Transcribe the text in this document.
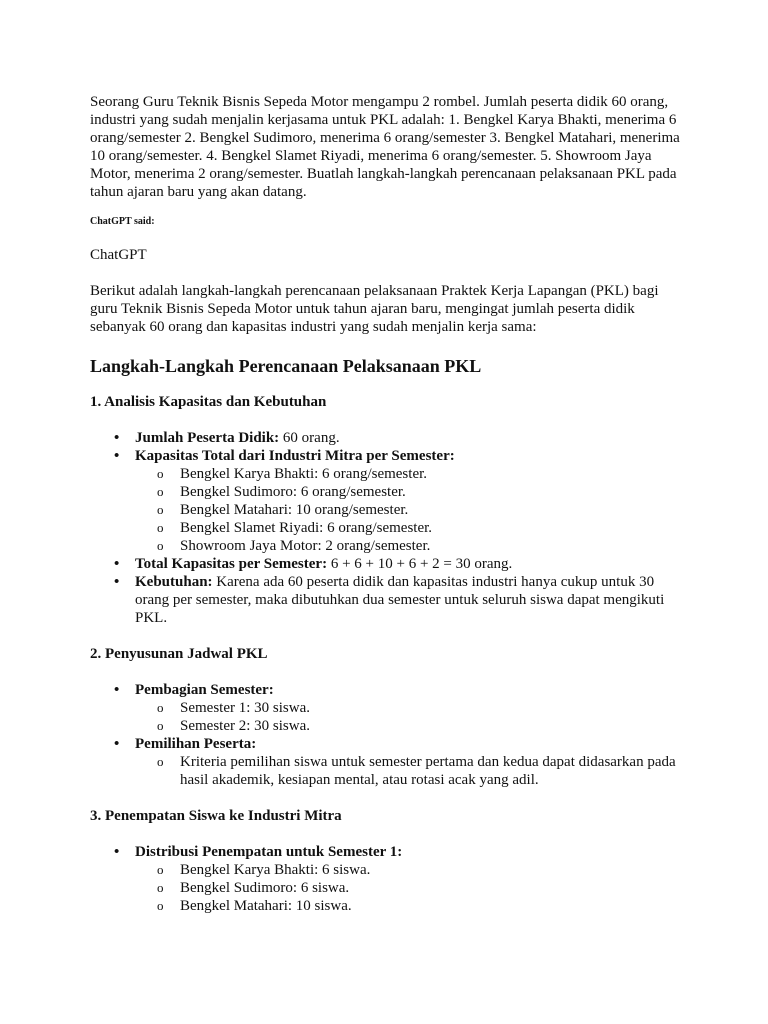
Seorang Guru Teknik Bisnis Sepeda Motor mengampu 2 rombel. Jumlah peserta didik 60 orang, industri yang sudah menjalin kerjasama untuk PKL adalah: 1. Bengkel Karya Bhakti, menerima 6 orang/semester 2. Bengkel Sudimoro, menerima 6 orang/semester 3. Bengkel Matahari, menerima 10 orang/semester. 4. Bengkel Slamet Riyadi, menerima 6 orang/semester. 5. Showroom Jaya Motor, menerima 2 orang/semester. Buatlah langkah-langkah perencanaan pelaksanaan PKL pada tahun ajaran baru yang akan datang.

ChatGPT said:

ChatGPT

Berikut adalah langkah-langkah perencanaan pelaksanaan Praktek Kerja Lapangan (PKL) bagi guru Teknik Bisnis Sepeda Motor untuk tahun ajaran baru, mengingat jumlah peserta didik sebanyak 60 orang dan kapasitas industri yang sudah menjalin kerja sama:

Langkah-Langkah Perencanaan Pelaksanaan PKL
1. Analisis Kapasitas dan Kebutuhan
• Jumlah Peserta Didik: 60 orang.
• Kapasitas Total dari Industri Mitra per Semester:
o Bengkel Karya Bhakti: 6 orang/semester.
o Bengkel Sudimoro: 6 orang/semester.
o Bengkel Matahari: 10 orang/semester.
o Bengkel Slamet Riyadi: 6 orang/semester.
o Showroom Jaya Motor: 2 orang/semester.
• Total Kapasitas per Semester: 6 + 6 + 10 + 6 + 2 = 30 orang.
• Kebutuhan: Karena ada 60 peserta didik dan kapasitas industri hanya cukup untuk 30 orang per semester, maka dibutuhkan dua semester untuk seluruh siswa dapat mengikuti PKL.
2. Penyusunan Jadwal PKL
• Pembagian Semester:
o Semester 1: 30 siswa.
o Semester 2: 30 siswa.
• Pemilihan Peserta:
o Kriteria pemilihan siswa untuk semester pertama dan kedua dapat didasarkan pada hasil akademik, kesiapan mental, atau rotasi acak yang adil.
3. Penempatan Siswa ke Industri Mitra
• Distribusi Penempatan untuk Semester 1:
o Bengkel Karya Bhakti: 6 siswa.
o Bengkel Sudimoro: 6 siswa.
o Bengkel Matahari: 10 siswa.
